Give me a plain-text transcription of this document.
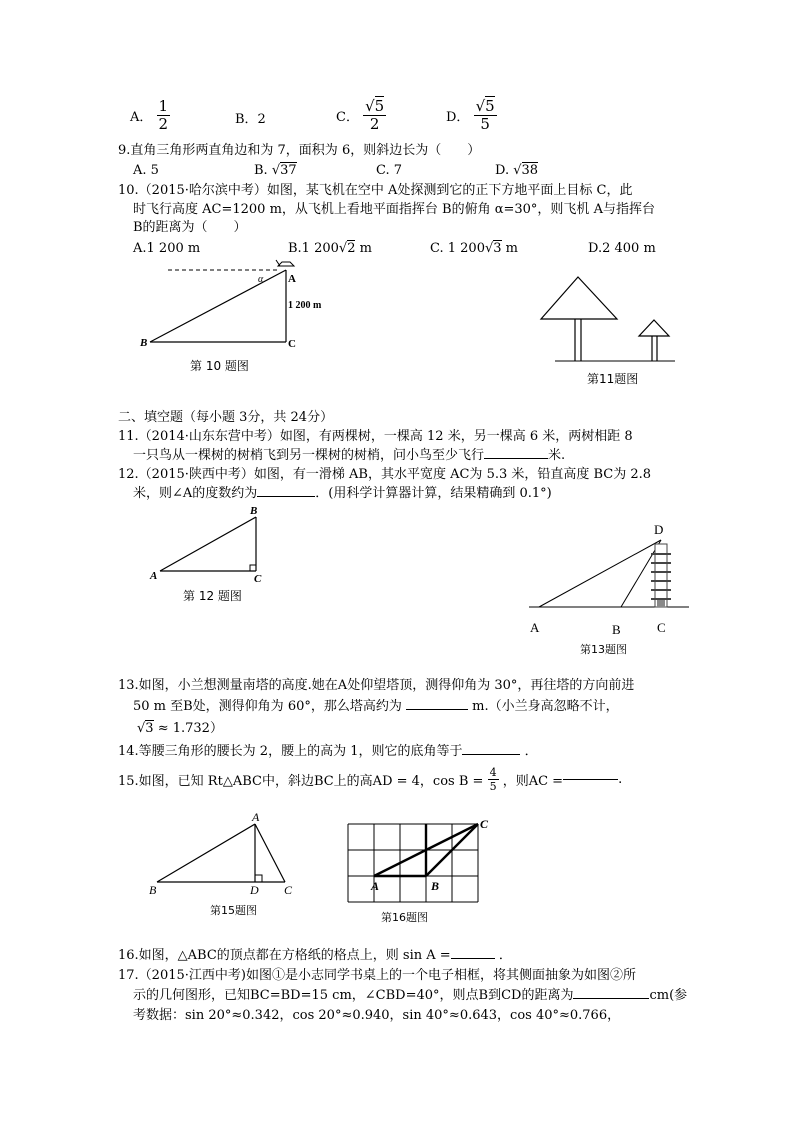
A． $\frac{1}{2}$	B．2	C． $\frac{√5}{2}$	D． $\frac{√5}{5}$
9.直角三角形两直角边和为 7，面积为 6，则斜边长为（　　）
A. 5	B. √37	C. 7	D. √38
10.（2015·哈尔滨中考）如图，某飞机在空中 A处探测到它的正下方地平面上目标 C，此
时飞行高度 AC=1200 m，从飞机上看地平面指挥台 B的俯角 α=30°，则飞机 A与指挥台
B的距离为（　　）
A.1 200 m	B.1 200√2 m	C. 1 200√3 m	D.2 400 m
A
α
1 200 m
B	C
第 10 题图
第11题图
二、填空题（每小题 3分，共 24分）
11.（2014·山东东营中考）如图，有两棵树，一棵高 12 米，另一棵高 6 米，两树相距 8
一只鸟从一棵树的树梢飞到另一棵树的树梢，问小鸟至少飞行	米.
12.（2015·陕西中考）如图，有一滑梯 AB，其水平宽度 AC为 5.3 米，铅直高度 BC为 2.8
米，则∠A的度数约为	．(用科学计算器计算，结果精确到 0.1°)
A
B
C
第 12 题图
D
A	B	C
第13题图
13.如图，小兰想测量南塔的高度.她在A处仰望塔顶，测得仰角为 30°，再往塔的方向前进
50 m 至B处，测得仰角为 60°，那么塔高约为	m.（小兰身高忽略不计，
√3 ≈ 1.732）
14.等腰三角形的腰长为 2，腰上的高为 1，则它的底角等于	．
15.如图，已知 Rt△ABC中，斜边BC上的高AD = 4，$\cos B = \frac{4}{5}$ ，则AC =	.
A
B	D C
第15题图
A	B
C
第16题图
16.如图，△ABC的顶点都在方格纸的格点上，则 sin A =	．
17.（2015·江西中考)如图①是小志同学书桌上的一个电子相框，将其侧面抽象为如图②所
示的几何图形，已知BC=BD=15 cm，∠CBD=40°，则点B到CD的距离为	cm(参
考数据：sin 20°≈0.342，cos 20°≈0.940，sin 40°≈0.643，cos 40°≈0.766，
